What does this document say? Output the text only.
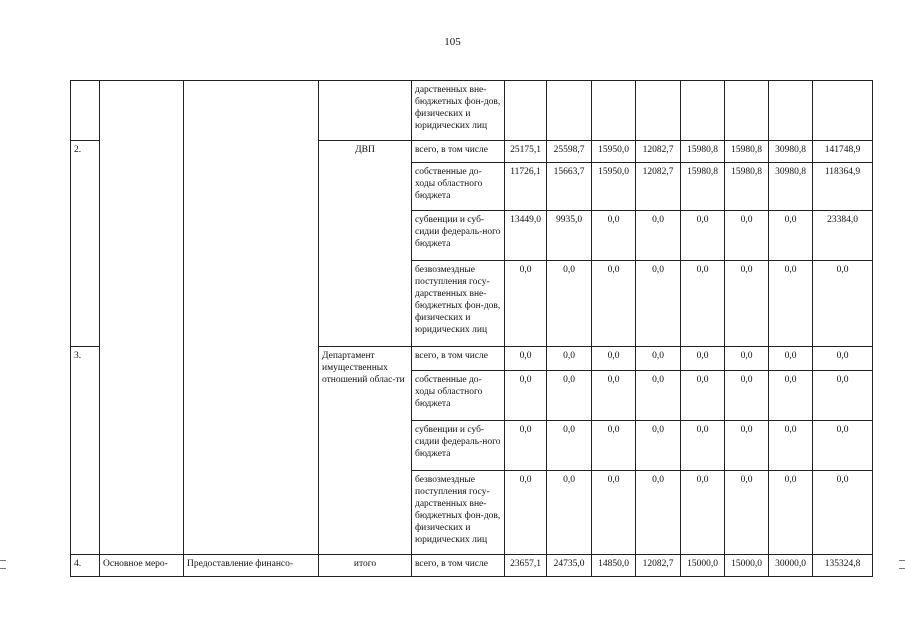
105
				дарственных вне-бюджетных фон-дов, физических и юридических лиц								
2.			ДВП	всего, в том числе	25175,1	25598,7	15950,0	12082,7	15980,8	15980,8	30980,8	141748,9
				собственные до-ходы областного бюджета	11726,1	15663,7	15950,0	12082,7	15980,8	15980,8	30980,8	118364,9
				субвенции и суб-сидии федераль-ного бюджета	13449,0	9935,0	0,0	0,0	0,0	0,0	0,0	23384,0
				безвозмездные поступления госу-дарственных вне-бюджетных фон-дов, физических и юридических лиц	0,0	0,0	0,0	0,0	0,0	0,0	0,0	0,0
3.			Департамент имущественных отношений облас-ти	всего, в том числе	0,0	0,0	0,0	0,0	0,0	0,0	0,0	0,0
				собственные до-ходы областного бюджета	0,0	0,0	0,0	0,0	0,0	0,0	0,0	0,0
				субвенции и суб-сидии федераль-ного бюджета	0,0	0,0	0,0	0,0	0,0	0,0	0,0	0,0
				безвозмездные поступления госу-дарственных вне-бюджетных фон-дов, физических и юридических лиц	0,0	0,0	0,0	0,0	0,0	0,0	0,0	0,0
4.	Основное меро-	Предоставление финансо-	итого	всего, в том числе	23657,1	24735,0	14850,0	12082,7	15000,0	15000,0	30000,0	135324,8
